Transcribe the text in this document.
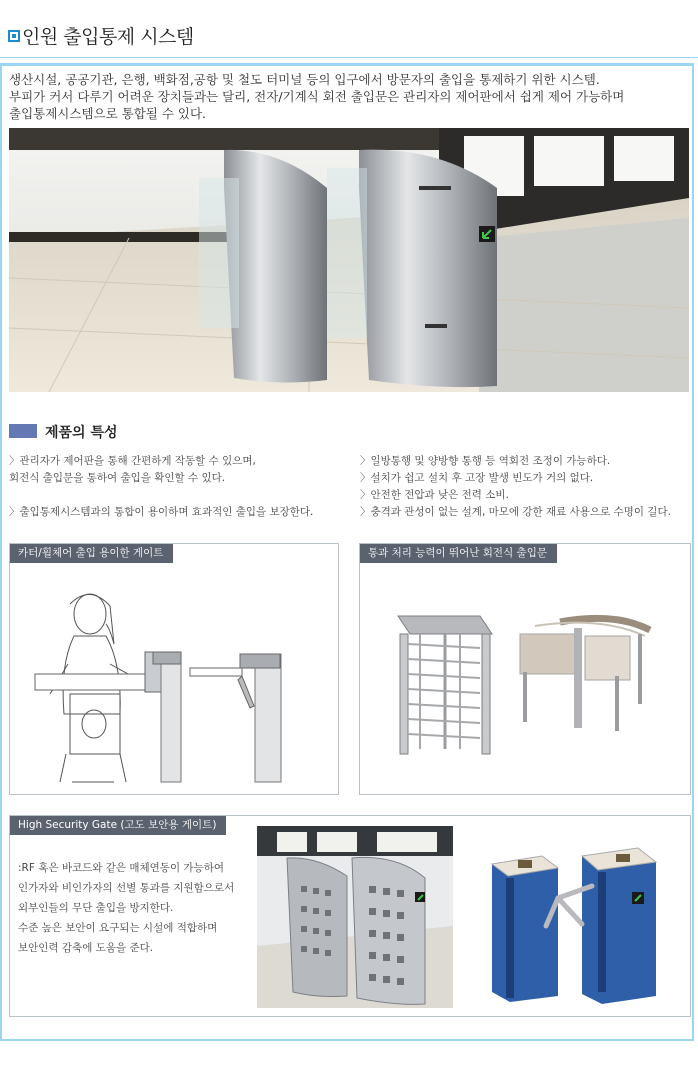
인원 출입통제 시스템
생산시설, 공공기관, 은행, 백화점,공항 및 철도 터미널 등의 입구에서 방문자의 출입을 통제하기 위한 시스템.
부피가 커서 다루기 어려운 장치들과는 달리, 전자/기계식 회전 출입문은 관리자의 제어판에서 쉽게 제어 가능하며
출입통제시스템으로 통합될 수 있다.
제품의 특성
〉관리자가 제어판을 통해 간편하게 작동할 수 있으며,
회전식 출입문을 통하여 출입을 확인할 수 있다.
〉출입통제시스템과의 통합이 용이하며 효과적인 출입을 보장한다.
〉일방통행 및 양방향 통행 등 역회전 조정이 가능하다.
〉설치가 쉽고 설치 후 고장 발생 빈도가 거의 없다.
〉안전한 전압과 낮은 전력 소비.
〉충격과 관성이 없는 설계, 마모에 강한 재료 사용으로 수명이 길다.
카터/휠체어 출입 용이한 게이트	통과 처리 능력이 뛰어난 회전식 출입문
High Security Gate (고도 보안용 게이트)
:RF 혹은 바코드와 같은 매체연동이 가능하여
인가자와 비인가자의 선별 통과를 지원함으로서
외부인들의 무단 출입을 방지한다.
수준 높은 보안이 요구되는 시설에 적합하며
보안인력 감축에 도움을 준다.
